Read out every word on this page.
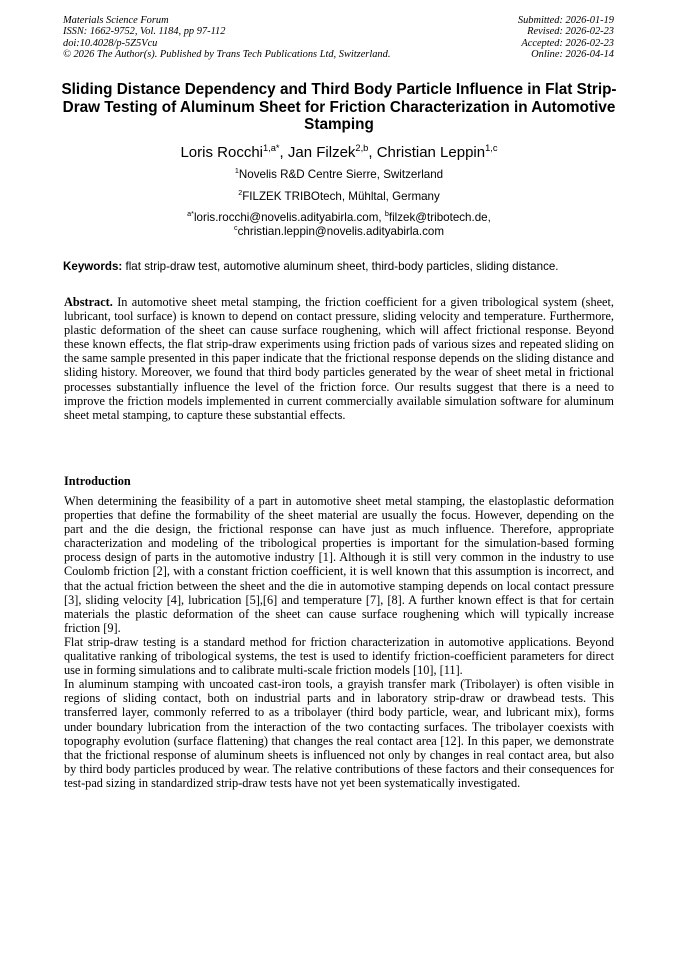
Materials Science Forum
ISSN: 1662-9752, Vol. 1184, pp 97-112
doi:10.4028/p-5Z5Vcu
© 2026 The Author(s). Published by Trans Tech Publications Ltd, Switzerland.
Submitted: 2026-01-19
Revised: 2026-02-23
Accepted: 2026-02-23
Online: 2026-04-14
Sliding Distance Dependency and Third Body Particle Influence in Flat Strip-Draw Testing of Aluminum Sheet for Friction Characterization in Automotive Stamping
Loris Rocchi$^{1,a*}$, Jan Filzek$^{2,b}$, Christian Leppin$^{1,c}$
$^1$Novelis R&D Centre Sierre, Switzerland
$^2$FILZEK TRIBOtech, Mühltal, Germany
$^{a*}$loris.rocchi@novelis.adityabirla.com, $^b$filzek@tribotech.de,
$^c$christian.leppin@novelis.adityabirla.com
Keywords: flat strip-draw test, automotive aluminum sheet, third-body particles, sliding distance.

Abstract. In automotive sheet metal stamping, the friction coefficient for a given tribological system (sheet, lubricant, tool surface) is known to depend on contact pressure, sliding velocity and temperature. Furthermore, plastic deformation of the sheet can cause surface roughening, which will affect frictional response. Beyond these known effects, the flat strip-draw experiments using friction pads of various sizes and repeated sliding on the same sample presented in this paper indicate that the frictional response depends on the sliding distance and sliding history. Moreover, we found that third body particles generated by the wear of sheet metal in frictional processes substantially influence the level of the friction force. Our results suggest that there is a need to improve the friction models implemented in current commercially available simulation software for aluminum sheet metal stamping, to capture these substantial effects.

Introduction

When determining the feasibility of a part in automotive sheet metal stamping, the elastoplastic deformation properties that define the formability of the sheet material are usually the focus. However, depending on the part and the die design, the frictional response can have just as much influence. Therefore, appropriate characterization and modeling of the tribological properties is important for the simulation-based forming process design of parts in the automotive industry [1]. Although it is still very common in the industry to use Coulomb friction [2], with a constant friction coefficient, it is well known that this assumption is incorrect, and that the actual friction between the sheet and the die in automotive stamping depends on local contact pressure [3], sliding velocity [4], lubrication [5],[6] and temperature [7], [8]. A further known effect is that for certain materials the plastic deformation of the sheet can cause surface roughening which will typically increase friction [9].

Flat strip-draw testing is a standard method for friction characterization in automotive applications. Beyond qualitative ranking of tribological systems, the test is used to identify friction-coefficient parameters for direct use in forming simulations and to calibrate multi-scale friction models [10], [11].

In aluminum stamping with uncoated cast-iron tools, a grayish transfer mark (Tribolayer) is often visible in regions of sliding contact, both on industrial parts and in laboratory strip-draw or drawbead tests. This transferred layer, commonly referred to as a tribolayer (third body particle, wear, and lubricant mix), forms under boundary lubrication from the interaction of the two contacting surfaces. The tribolayer coexists with topography evolution (surface flattening) that changes the real contact area [12]. In this paper, we demonstrate that the frictional response of aluminum sheets is influenced not only by changes in real contact area, but also by third body particles produced by wear. The relative contributions of these factors and their consequences for test-pad sizing in standardized strip-draw tests have not yet been systematically investigated.
